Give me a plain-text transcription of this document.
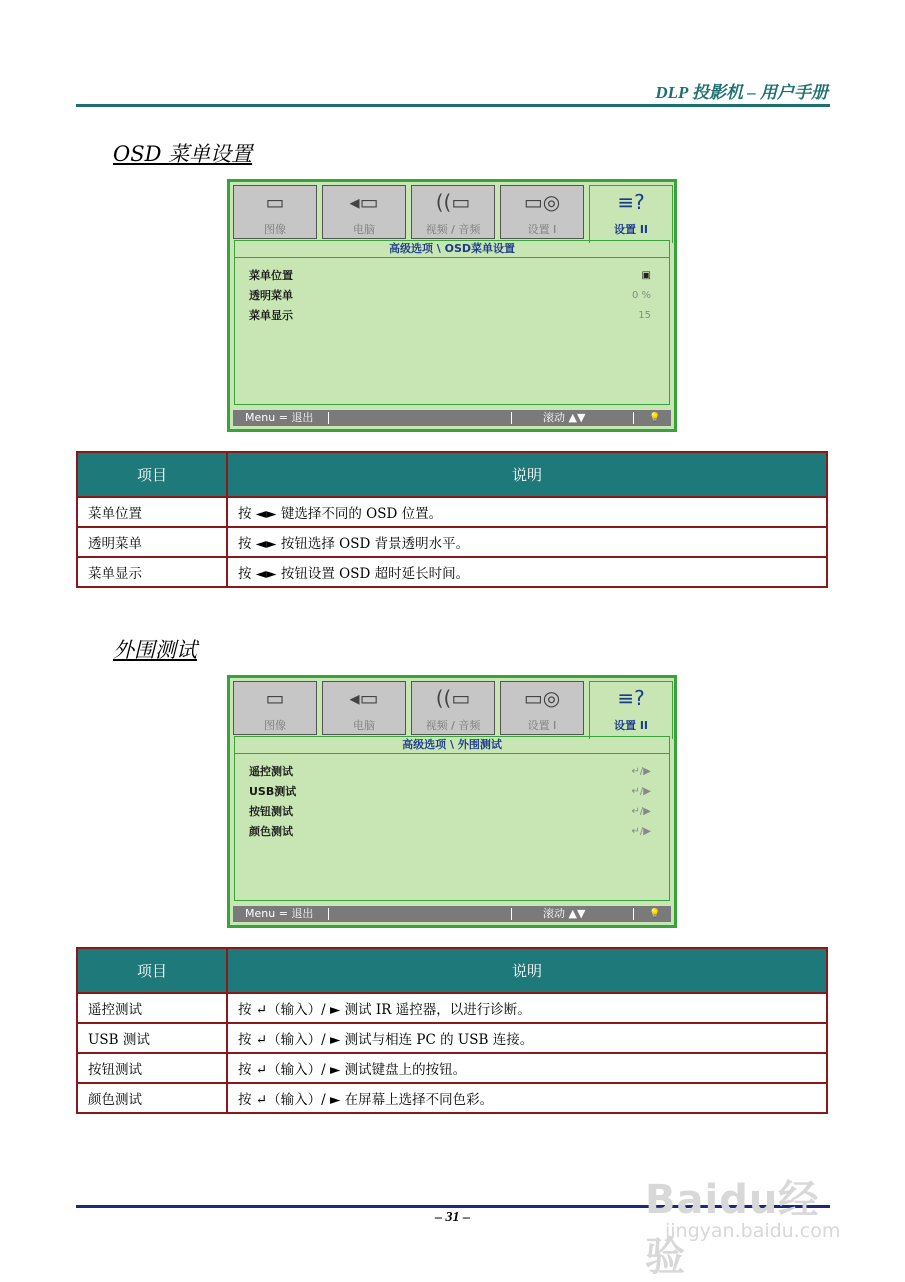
DLP 投影机 – 用户手册
OSD 菜单设置
▭
图像
◂▭
电脑
((▭
视频 / 音频
▭◎
设置 I
≡?
设置 II
高级选项 \ OSD菜单设置
菜单位置	▣
透明菜单	0 %
菜单显示	15
Menu = 退出	滚动 ▲▼	💡
项目	说明
菜单位置	按 ◄► 键选择不同的 OSD 位置。
透明菜单	按 ◄► 按钮选择 OSD 背景透明水平。
菜单显示	按 ◄► 按钮设置 OSD 超时延长时间。
外围测试
▭
图像
◂▭
电脑
((▭
视频 / 音频
▭◎
设置 I
≡?
设置 II
高级选项 \ 外围测试
遥控测试	↵/▶
USB测试	↵/▶
按钮测试	↵/▶
颜色测试	↵/▶
Menu = 退出	滚动 ▲▼	💡
项目	说明
遥控测试	按 ↵（输入）/ ► 测试 IR 遥控器，以进行诊断。
USB 测试	按 ↵（输入）/ ► 测试与相连 PC 的 USB 连接。
按钮测试	按 ↵（输入）/ ► 测试键盘上的按钮。
颜色测试	按 ↵（输入）/ ► 在屏幕上选择不同色彩。
– 31 –	Baidu经验
jingyan.baidu.com
